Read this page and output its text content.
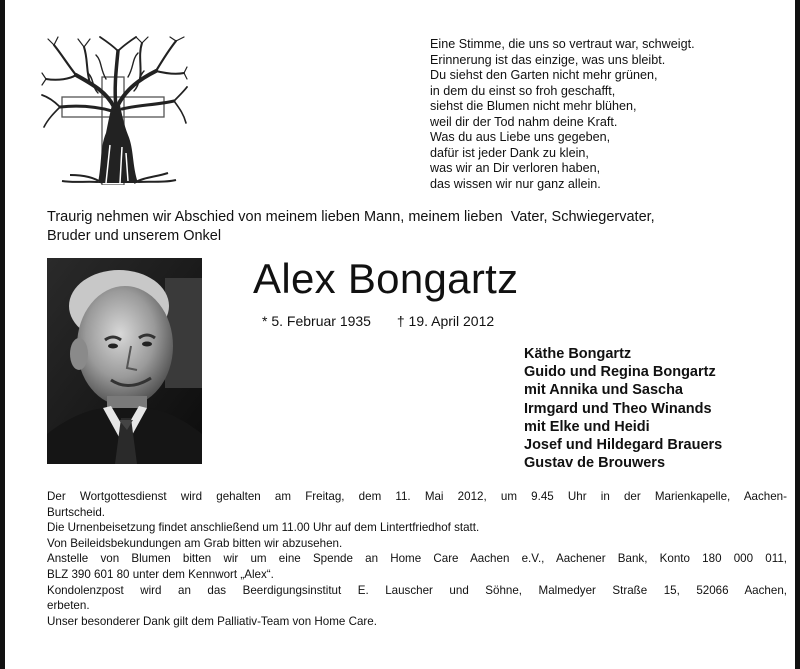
Eine Stimme, die uns so vertraut war, schweigt.
Erinnerung ist das einzige, was uns bleibt.
Du siehst den Garten nicht mehr grünen,
in dem du einst so froh geschafft,
siehst die Blumen nicht mehr blühen,
weil dir der Tod nahm deine Kraft.
Was du aus Liebe uns gegeben,
dafür ist jeder Dank zu klein,
was wir an Dir verloren haben,
das wissen wir nur ganz allein.
Traurig nehmen wir Abschied von meinem lieben Mann, meinem lieben  Vater, Schwiegervater,
Bruder und unserem Onkel
Alex Bongartz
* 5. Februar 1935 † 19. April 2012
Käthe Bongartz
Guido und Regina Bongartz
mit Annika und Sascha
Irmgard und Theo Winands
mit Elke und Heidi
Josef und Hildegard Brauers
Gustav de Brouwers
Der Wortgottesdienst wird gehalten am Freitag, dem 11. Mai 2012, um 9.45 Uhr in der Marienkapelle, Aachen-
Burtscheid.
Die Urnenbeisetzung findet anschließend um 11.00 Uhr auf dem Lintertfriedhof statt.
Von Beileidsbekundungen am Grab bitten wir abzusehen.
Anstelle von Blumen bitten wir um eine Spende an Home Care Aachen e.V., Aachener Bank, Konto 180 000 011,
BLZ 390 601 80 unter dem Kennwort „Alex“.
Kondolenzpost wird an das Beerdigungsinstitut E. Lauscher und Söhne, Malmedyer Straße 15, 52066 Aachen,
erbeten.
Unser besonderer Dank gilt dem Palliativ-Team von Home Care.
